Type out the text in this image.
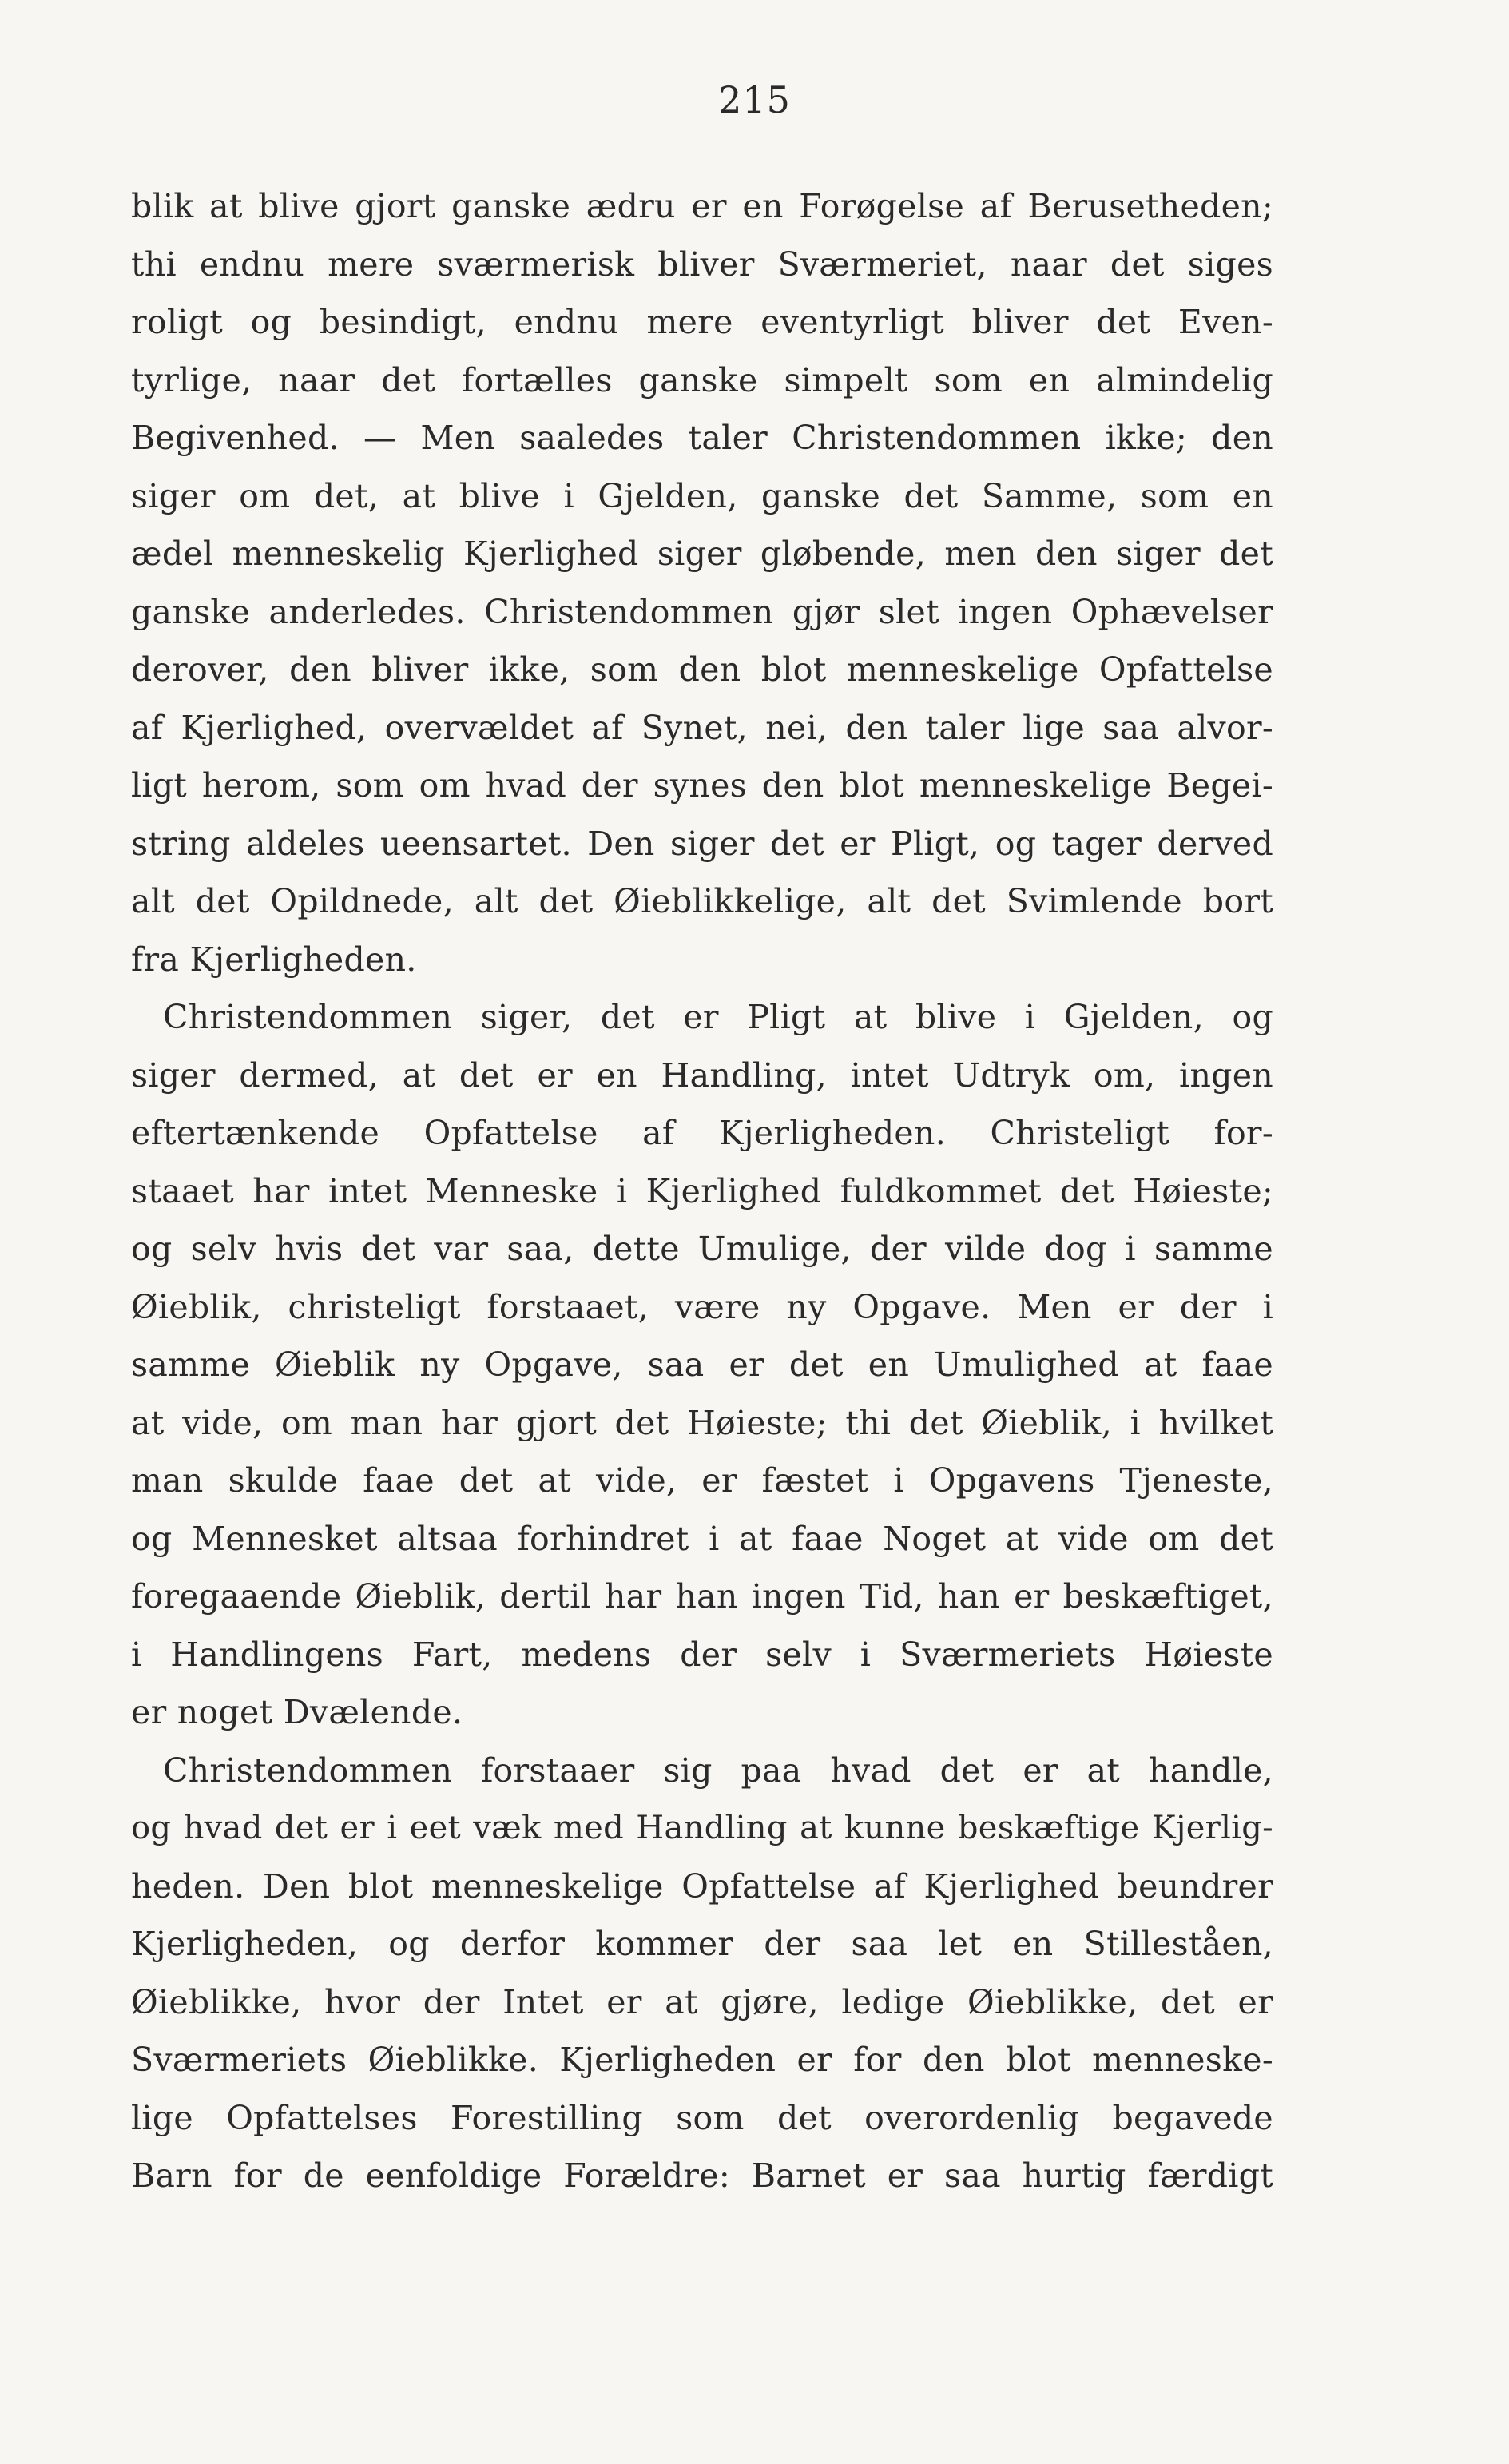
215
blik at blive gjort ganske ædru er en Forøgelse af Berusetheden;
thi endnu mere sværmerisk bliver Sværmeriet, naar det siges
roligt og besindigt, endnu mere eventyrligt bliver det Even-
tyrlige, naar det fortælles ganske simpelt som en almindelig
Begivenhed. — Men saaledes taler Christendommen ikke; den
siger om det, at blive i Gjelden, ganske det Samme, som en
ædel menneskelig Kjerlighed siger gløbende, men den siger det
ganske anderledes. Christendommen gjør slet ingen Ophævelser
derover, den bliver ikke, som den blot menneskelige Opfattelse
af Kjerlighed, overvældet af Synet, nei, den taler lige saa alvor-
ligt herom, som om hvad der synes den blot menneskelige Begei-
string aldeles ueensartet. Den siger det er Pligt, og tager derved
alt det Opildnede, alt det Øieblikkelige, alt det Svimlende bort
fra Kjerligheden.
Christendommen siger, det er Pligt at blive i Gjelden, og
siger dermed, at det er en Handling, intet Udtryk om, ingen
eftertænkende Opfattelse af Kjerligheden. Christeligt for-
staaet har intet Menneske i Kjerlighed fuldkommet det Høieste;
og selv hvis det var saa, dette Umulige, der vilde dog i samme
Øieblik, christeligt forstaaet, være ny Opgave. Men er der i
samme Øieblik ny Opgave, saa er det en Umulighed at faae
at vide, om man har gjort det Høieste; thi det Øieblik, i hvilket
man skulde faae det at vide, er fæstet i Opgavens Tjeneste,
og Mennesket altsaa forhindret i at faae Noget at vide om det
foregaaende Øieblik, dertil har han ingen Tid, han er beskæftiget,
i Handlingens Fart, medens der selv i Sværmeriets Høieste
er noget Dvælende.
Christendommen forstaaer sig paa hvad det er at handle,
og hvad det er i eet væk med Handling at kunne beskæftige Kjerlig-
heden. Den blot menneskelige Opfattelse af Kjerlighed beundrer
Kjerligheden, og derfor kommer der saa let en Stilleståen,
Øieblikke, hvor der Intet er at gjøre, ledige Øieblikke, det er
Sværmeriets Øieblikke. Kjerligheden er for den blot menneske-
lige Opfattelses Forestilling som det overordenlig begavede
Barn for de eenfoldige Forældre: Barnet er saa hurtig færdigt
